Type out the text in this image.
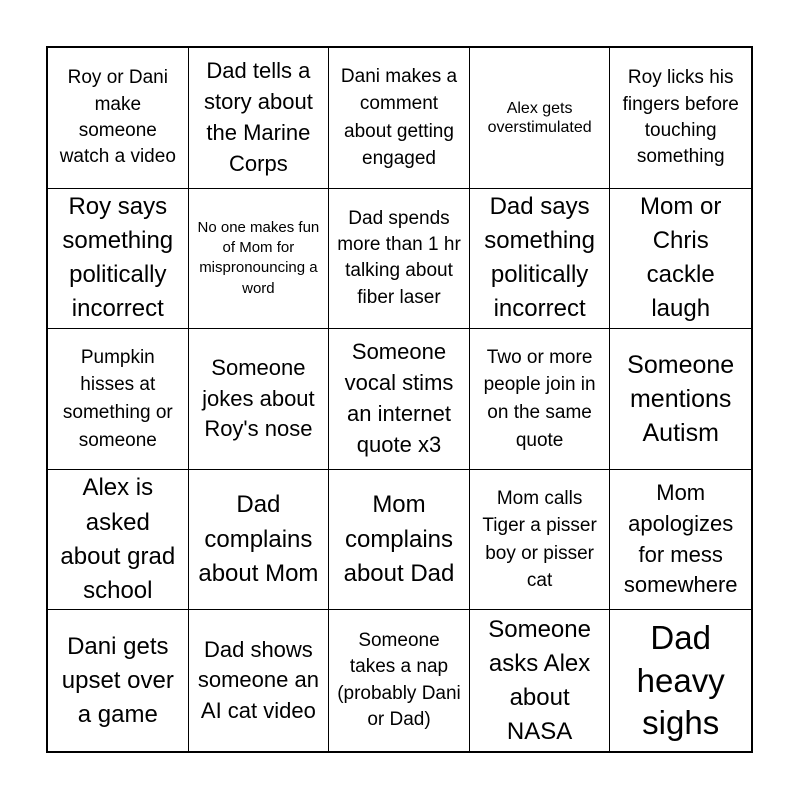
Roy or Dani make someone watch a video
Dad tells a story about the Marine Corps
Dani makes a comment about getting engaged
Alex gets overstimulated
Roy licks his fingers before touching something
Roy says something politically incorrect
No one makes fun of Mom for mispronouncing a word
Dad spends more than 1 hr talking about fiber laser
Dad says something politically incorrect
Mom or Chris cackle laugh
Pumpkin hisses at something or someone
Someone jokes about Roy's nose
Someone vocal stims an internet quote x3
Two or more people join in on the same quote
Someone mentions Autism
Alex is asked about grad school
Dad complains about Mom
Mom complains about Dad
Mom calls Tiger a pisser boy or pisser cat
Mom apologizes for mess somewhere
Dani gets upset over a game
Dad shows someone an AI cat video
Someone takes a nap (probably Dani or Dad)
Someone asks Alex about NASA
Dad heavy sighs
